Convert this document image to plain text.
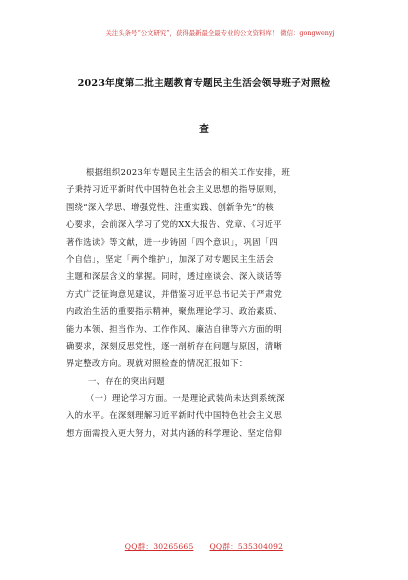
关注头条号“公文研究”，获得最新最全最专业的公文资料库！ 微信：gongwenyj
2023年度第二批主题教育专题民主生活会领导班子对照检
查
根据组织2023年专题民主生活会的相关工作安排，班
子秉持习近平新时代中国特色社会主义思想的指导原则，
围绕“深入学思、增强党性、注重实践、创新争先”的核
心要求，会前深入学习了党的XX大报告、党章、《习近平
著作选读》等文献，进一步铸固「四个意识」，巩固「四
个自信」，坚定「两个维护」，加深了对专题民主生活会
主题和深层含义的掌握。同时，透过座谈会、深入谈话等
方式广泛征询意见建议，并借鉴习近平总书记关于严肃党
内政治生活的重要指示精神，聚焦理论学习、政治素质、
能力本领、担当作为、工作作风、廉洁自律等六方面的明
确要求，深刻反思党性，逐一剖析存在问题与原因，清晰
界定整改方向。现就对照检查的情况汇报如下：
一、存在的突出问题
（一）理论学习方面。一是理论武装尚未达到系统深
入的水平。在深刻理解习近平新时代中国特色社会主义思
想方面需投入更大努力，对其内涵的科学理论、坚定信仰
QQ群：30265665 QQ群：535304092
